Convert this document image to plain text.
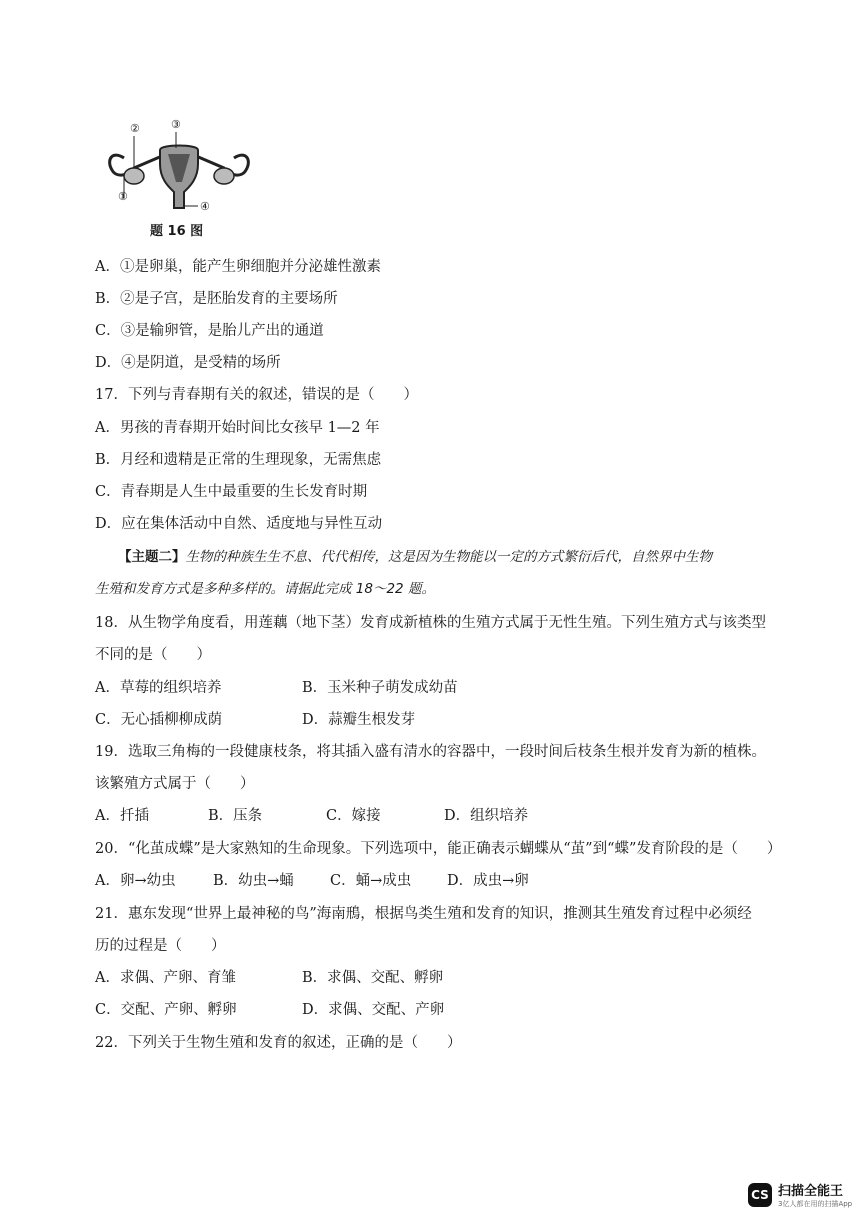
②	③
①
④
题 16 图
A．①是卵巢，能产生卵细胞并分泌雄性激素
B．②是子宫，是胚胎发育的主要场所
C．③是输卵管，是胎儿产出的通道
D．④是阴道，是受精的场所
17．下列与青春期有关的叙述，错误的是（　　）
A．男孩的青春期开始时间比女孩早 1—2 年
B．月经和遗精是正常的生理现象，无需焦虑
C．青春期是人生中最重要的生长发育时期
D．应在集体活动中自然、适度地与异性互动
【主题二】生物的种族生生不息、代代相传，这是因为生物能以一定的方式繁衍后代，自然界中生物
生殖和发育方式是多种多样的。请据此完成 18～22 题。
18．从生物学角度看，用莲藕（地下茎）发育成新植株的生殖方式属于无性生殖。下列生殖方式与该类型
不同的是（　　）
A．草莓的组织培养	B．玉米种子萌发成幼苗
C．无心插柳柳成荫	D．蒜瓣生根发芽
19．选取三角梅的一段健康枝条，将其插入盛有清水的容器中，一段时间后枝条生根并发育为新的植株。
该繁殖方式属于（　　）
A．扦插	B．压条	C．嫁接	D．组织培养
20．“化茧成蝶”是大家熟知的生命现象。下列选项中，能正确表示蝴蝶从“茧”到“蝶”发育阶段的是（　　）
A．卵→幼虫	B．幼虫→蛹 C．蛹→成虫 D．成虫→卵
21．惠东发现“世界上最神秘的鸟”海南鳽，根据鸟类生殖和发育的知识，推测其生殖发育过程中必须经
历的过程是（　　）
A．求偶、产卵、育雏	B．求偶、交配、孵卵
C．交配、产卵、孵卵	D．求偶、交配、产卵
22．下列关于生物生殖和发育的叙述，正确的是（　　）
CS 扫描全能王
3亿人都在用的扫描App
